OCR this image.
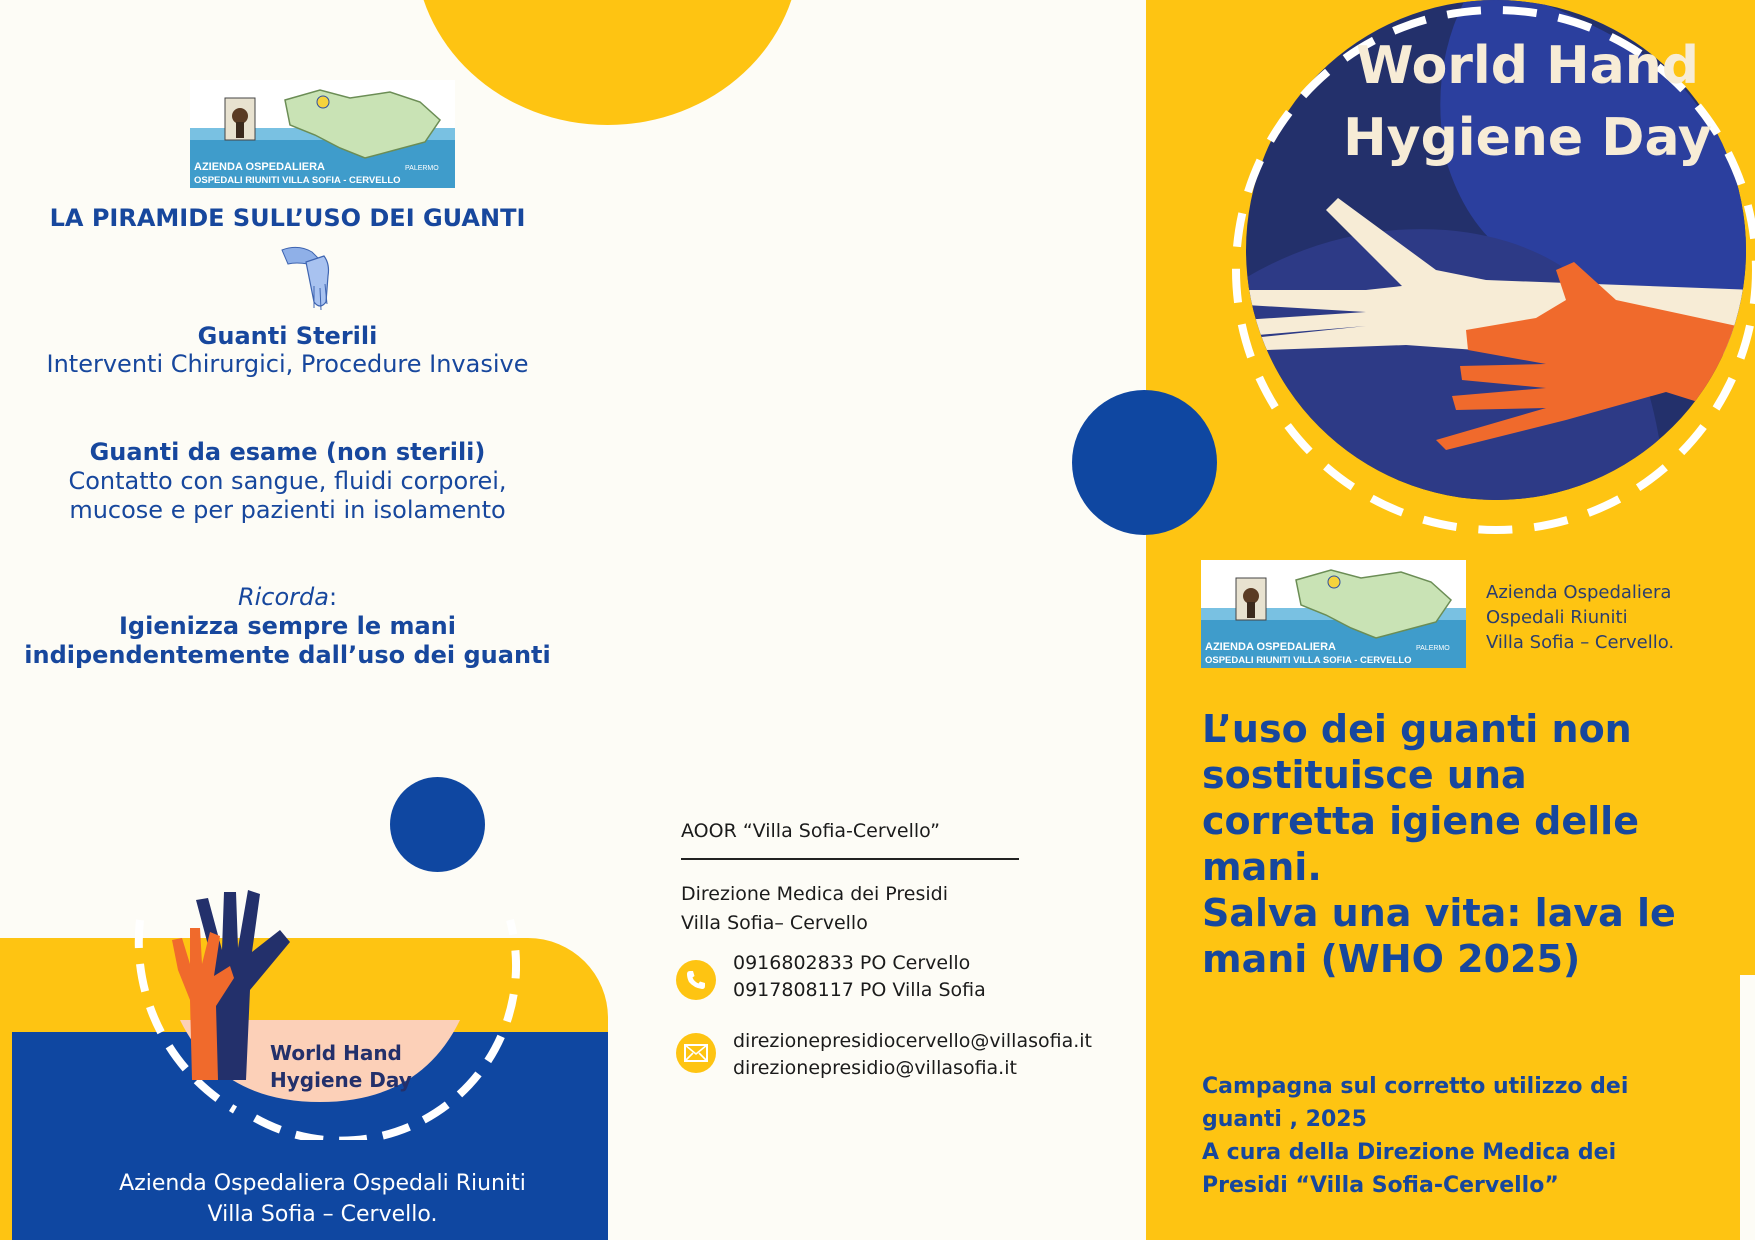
AZIENDA OSPEDALIERA	PALERMO
OSPEDALI RIUNITI VILLA SOFIA - CERVELLO
LA PIRAMIDE SULL’USO DEI GUANTI
Guanti Sterili
Interventi Chirurgici, Procedure Invasive
Guanti da esame (non sterili)
Contatto con sangue, fluidi corporei,
mucose e per pazienti in isolamento
Ricorda:
Igienizza sempre le mani
indipendentemente dall’uso dei guanti
World Hand
Hygiene Day
Azienda Ospedaliera Ospedali Riuniti
Villa Sofia – Cervello.
AOOR “Villa Sofia-Cervello”
Direzione Medica dei Presidi
Villa Sofia– Cervello
0916802833 PO Cervello
0917808117 PO Villa Sofia
direzionepresidiocervello@villasofia.it
direzionepresidio@villasofia.it
World Hand
Hygiene Day
AZIENDA OSPEDALIERA	PALERMO
OSPEDALI RIUNITI VILLA SOFIA - CERVELLO
Azienda Ospedaliera
Ospedali Riuniti
Villa Sofia – Cervello.
L’uso dei guanti non
sostituisce una
corretta igiene delle
mani.
Salva una vita: lava le
mani (WHO 2025)
Campagna sul corretto utilizzo dei
guanti , 2025
A cura della Direzione Medica dei
Presidi “Villa Sofia-Cervello”
